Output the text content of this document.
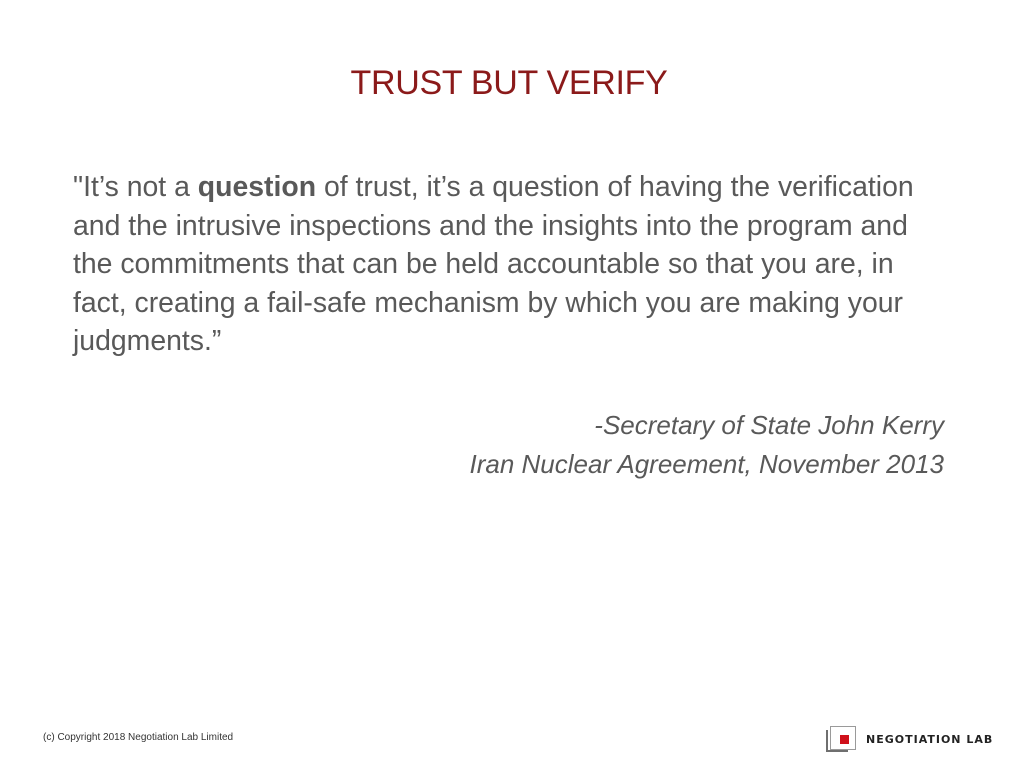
TRUST BUT VERIFY

"It’s not a question of trust, it’s a question of having the verification and the intrusive inspections and the insights into the program and the commitments that can be held accountable so that you are, in fact, creating a fail-safe mechanism by which you are making your judgments.”

-Secretary of State John Kerry
Iran Nuclear Agreement, November 2013
(c) Copyright 2018 Negotiation Lab Limited	NEGOTIATION LAB
